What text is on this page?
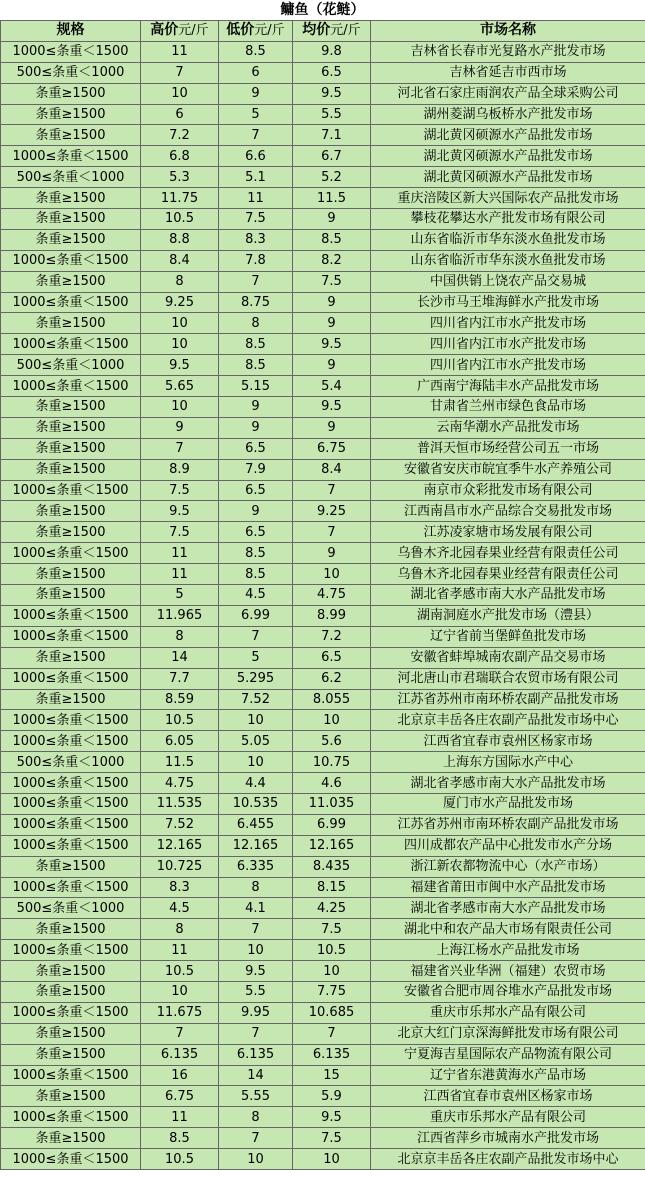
鳙鱼（花鲢）
规格	高价元/斤	低价元/斤	均价元/斤	市场名称
1000≤条重＜1500	11	8.5	9.8	吉林省长春市光复路水产批发市场
500≤条重＜1000	7	6	6.5	吉林省延吉市西市场
条重≥1500	10	9	9.5	河北省石家庄雨润农产品全球采购公司
条重≥1500	6	5	5.5	湖州菱湖乌板桥水产批发市场
条重≥1500	7.2	7	7.1	湖北黄冈硕源水产品批发市场
1000≤条重＜1500	6.8	6.6	6.7	湖北黄冈硕源水产品批发市场
500≤条重＜1000	5.3	5.1	5.2	湖北黄冈硕源水产品批发市场
条重≥1500	11.75	11	11.5	重庆涪陵区新大兴国际农产品批发市场
条重≥1500	10.5	7.5	9	攀枝花攀达水产批发市场有限公司
条重≥1500	8.8	8.3	8.5	山东省临沂市华东淡水鱼批发市场
1000≤条重＜1500	8.4	7.8	8.2	山东省临沂市华东淡水鱼批发市场
条重≥1500	8	7	7.5	中国供销上饶农产品交易城
1000≤条重＜1500	9.25	8.75	9	长沙市马王堆海鲜水产批发市场
条重≥1500	10	8	9	四川省内江市水产批发市场
1000≤条重＜1500	10	8.5	9.5	四川省内江市水产批发市场
500≤条重＜1000	9.5	8.5	9	四川省内江市水产批发市场
1000≤条重＜1500	5.65	5.15	5.4	广西南宁海陆丰水产品批发市场
条重≥1500	10	9	9.5	甘肃省兰州市绿色食品市场
条重≥1500	9	9	9	云南华潮水产品批发市场
条重≥1500	7	6.5	6.75	普洱天恒市场经营公司五一市场
条重≥1500	8.9	7.9	8.4	安徽省安庆市皖宜季牛水产养殖公司
1000≤条重＜1500	7.5	6.5	7	南京市众彩批发市场有限公司
条重≥1500	9.5	9	9.25	江西南昌市水产品综合交易批发市场
条重≥1500	7.5	6.5	7	江苏凌家塘市场发展有限公司
1000≤条重＜1500	11	8.5	9	乌鲁木齐北园春果业经营有限责任公司
条重≥1500	11	8.5	10	乌鲁木齐北园春果业经营有限责任公司
条重≥1500	5	4.5	4.75	湖北省孝感市南大水产品批发市场
1000≤条重＜1500	11.965	6.99	8.99	湖南洞庭水产批发市场（澧县）
1000≤条重＜1500	8	7	7.2	辽宁省前当堡鲜鱼批发市场
条重≥1500	14	5	6.5	安徽省蚌埠城南农副产品交易市场
1000≤条重＜1500	7.7	5.295	6.2	河北唐山市君瑞联合农贸市场有限公司
条重≥1500	8.59	7.52	8.055	江苏省苏州市南环桥农副产品批发市场
1000≤条重＜1500	10.5	10	10	北京京丰岳各庄农副产品批发市场中心
1000≤条重＜1500	6.05	5.05	5.6	江西省宜春市袁州区杨家市场
500≤条重＜1000	11.5	10	10.75	上海东方国际水产中心
1000≤条重＜1500	4.75	4.4	4.6	湖北省孝感市南大水产品批发市场
1000≤条重＜1500	11.535	10.535	11.035	厦门市水产品批发市场
1000≤条重＜1500	7.52	6.455	6.99	江苏省苏州市南环桥农副产品批发市场
1000≤条重＜1500	12.165	12.165	12.165	四川成都农产品中心批发市水产分场
条重≥1500	10.725	6.335	8.435	浙江新农都物流中心（水产市场）
1000≤条重＜1500	8.3	8	8.15	福建省莆田市闽中水产品批发市场
500≤条重＜1000	4.5	4.1	4.25	湖北省孝感市南大水产品批发市场
条重≥1500	8	7	7.5	湖北中和农产品大市场有限责任公司
1000≤条重＜1500	11	10	10.5	上海江杨水产品批发市场
条重≥1500	10.5	9.5	10	福建省兴业华洲（福建）农贸市场
条重≥1500	10	5.5	7.75	安徽省合肥市周谷堆水产品批发市场
1000≤条重＜1500	11.675	9.95	10.685	重庆市乐邦水产品有限公司
条重≥1500	7	7	7	北京大红门京深海鲜批发市场有限公司
条重≥1500	6.135	6.135	6.135	宁夏海吉星国际农产品物流有限公司
1000≤条重＜1500	16	14	15	辽宁省东港黄海水产品市场
条重≥1500	6.75	5.55	5.9	江西省宜春市袁州区杨家市场
1000≤条重＜1500	11	8	9.5	重庆市乐邦水产品有限公司
条重≥1500	8.5	7	7.5	江西省萍乡市城南水产批发市场
1000≤条重＜1500	10.5	10	10	北京京丰岳各庄农副产品批发市场中心
